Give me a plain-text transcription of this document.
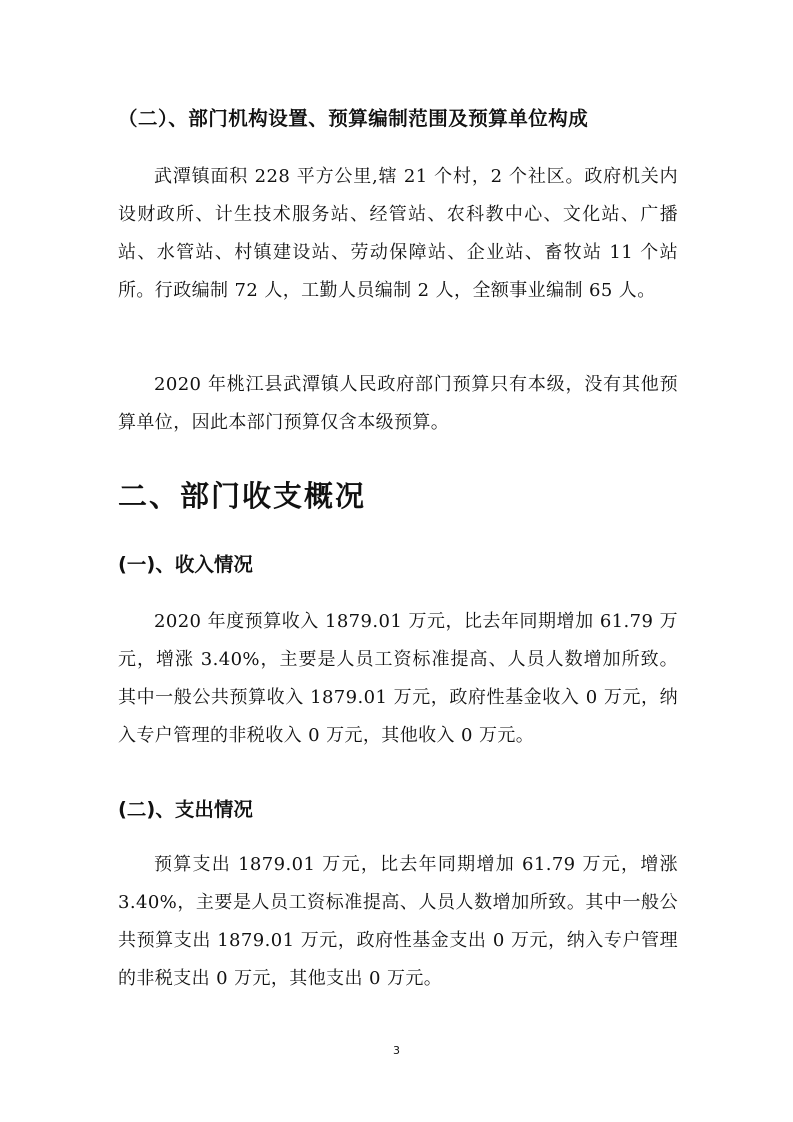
（二）、部门机构设置、预算编制范围及预算单位构成
武潭镇面积 228 平方公里,辖 21 个村，2 个社区。政府机关内设财政所、计生技术服务站、经管站、农科教中心、文化站、广播站、水管站、村镇建设站、劳动保障站、企业站、畜牧站 11 个站所。行政编制 72 人，工勤人员编制 2 人，全额事业编制 65 人。
2020 年桃江县武潭镇人民政府部门预算只有本级，没有其他预算单位，因此本部门预算仅含本级预算。
二、部门收支概况
(一)、收入情况
2020 年度预算收入 1879.01 万元，比去年同期增加 61.79 万元，增涨 3.40%，主要是人员工资标准提高、人员人数增加所致。其中一般公共预算收入 1879.01 万元，政府性基金收入 0 万元，纳入专户管理的非税收入 0 万元，其他收入 0 万元。
(二)、支出情况
预算支出 1879.01 万元，比去年同期增加 61.79 万元，增涨 3.40%，主要是人员工资标准提高、人员人数增加所致。其中一般公共预算支出 1879.01 万元，政府性基金支出 0 万元，纳入专户管理的非税支出 0 万元，其他支出 0 万元。
3
